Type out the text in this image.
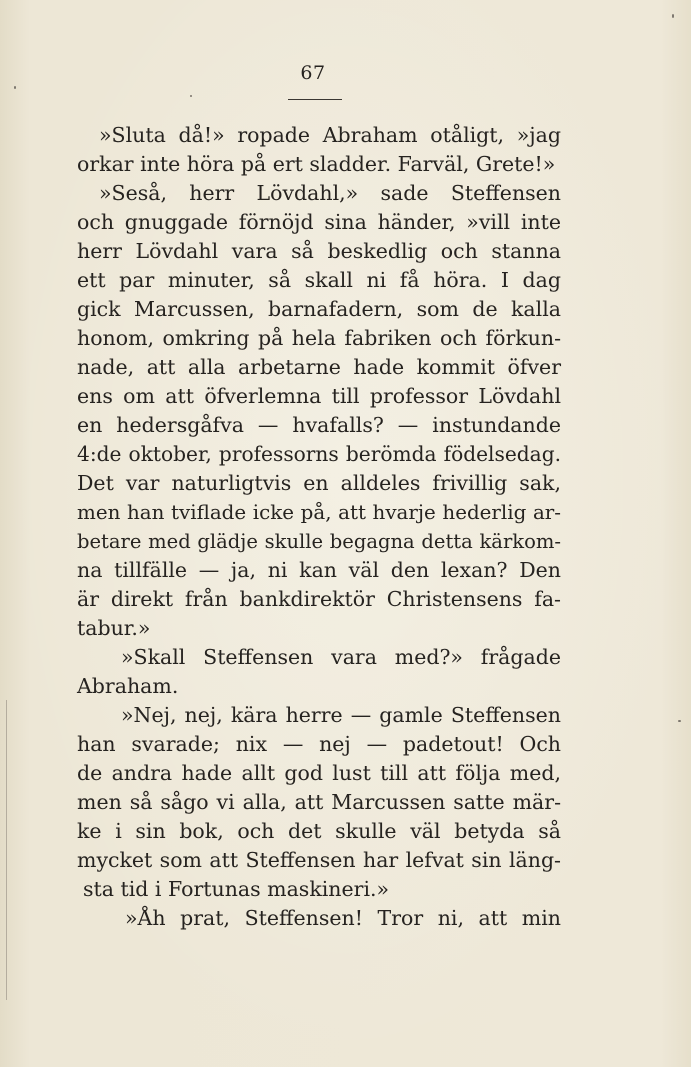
67
»Sluta då!» ropade Abraham otåligt, »jag
orkar inte höra på ert sladder. Farväl, Grete!»
»Seså, herr Lövdahl,» sade Steffensen
och gnuggade förnöjd sina händer, »vill inte
herr Lövdahl vara så beskedlig och stanna
ett par minuter, så skall ni få höra. I dag
gick Marcussen, barnafadern, som de kalla
honom, omkring på hela fabriken och förkun-
nade, att alla arbetarne hade kommit öfver
ens om att öfverlemna till professor Lövdahl
en hedersgåfva — hvafalls? — instundande
4:de oktober, professorns berömda födelsedag.
Det var naturligtvis en alldeles frivillig sak,
men han tviflade icke på, att hvarje hederlig ar-
betare med glädje skulle begagna detta kärkom-
na tillfälle — ja, ni kan väl den lexan? Den
är direkt från bankdirektör Christensens fa-
tabur.»
»Skall Steffensen vara med?» frågade
Abraham.
»Nej, nej, kära herre — gamle Steffensen
han svarade; nix — nej — padetout! Och
de andra hade allt god lust till att följa med,
men så sågo vi alla, att Marcussen satte mär-
ke i sin bok, och det skulle väl betyda så
mycket som att Steffensen har lefvat sin läng-
sta tid i Fortunas maskineri.»
»Åh prat, Steffensen! Tror ni, att min
